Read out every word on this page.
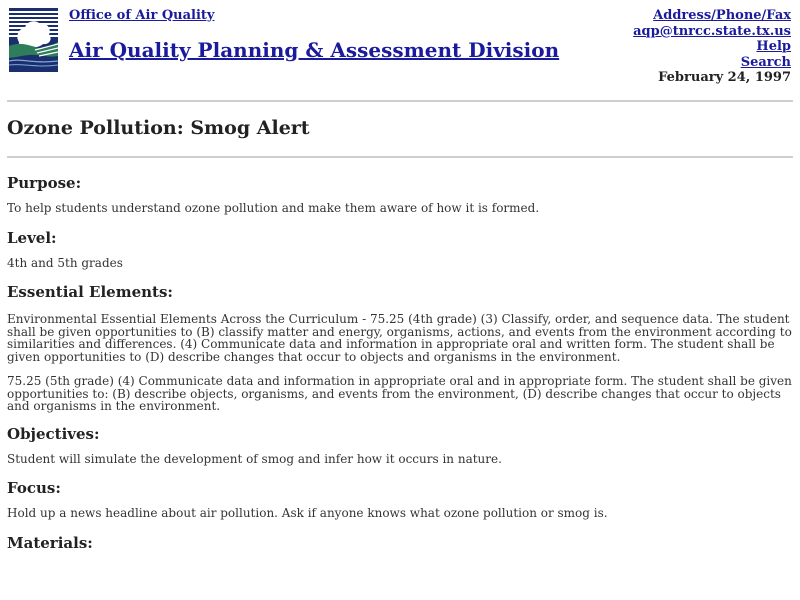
Office of Air Quality
Air Quality Planning & Assessment Division
Address/Phone/Fax
aqp@tnrcc.state.tx.us
Help
Search
February 24, 1997
Ozone Pollution: Smog Alert
Purpose:

To help students understand ozone pollution and make them aware of how it is formed.

Level:

4th and 5th grades

Essential Elements:

Environmental Essential Elements Across the Curriculum - 75.25 (4th grade) (3) Classify, order, and sequence data. The student shall be given opportunities to (B) classify matter and energy, organisms, actions, and events from the environment according to similarities and differences. (4) Communicate data and information in appropriate oral and written form. The student shall be given opportunities to (D) describe changes that occur to objects and organisms in the environment.

75.25 (5th grade) (4) Communicate data and information in appropriate oral and in appropriate form. The student shall be given opportunities to: (B) describe objects, organisms, and events from the environment, (D) describe changes that occur to objects and organisms in the environment.

Objectives:

Student will simulate the development of smog and infer how it occurs in nature.

Focus:

Hold up a news headline about air pollution. Ask if anyone knows what ozone pollution or smog is.

Materials:
